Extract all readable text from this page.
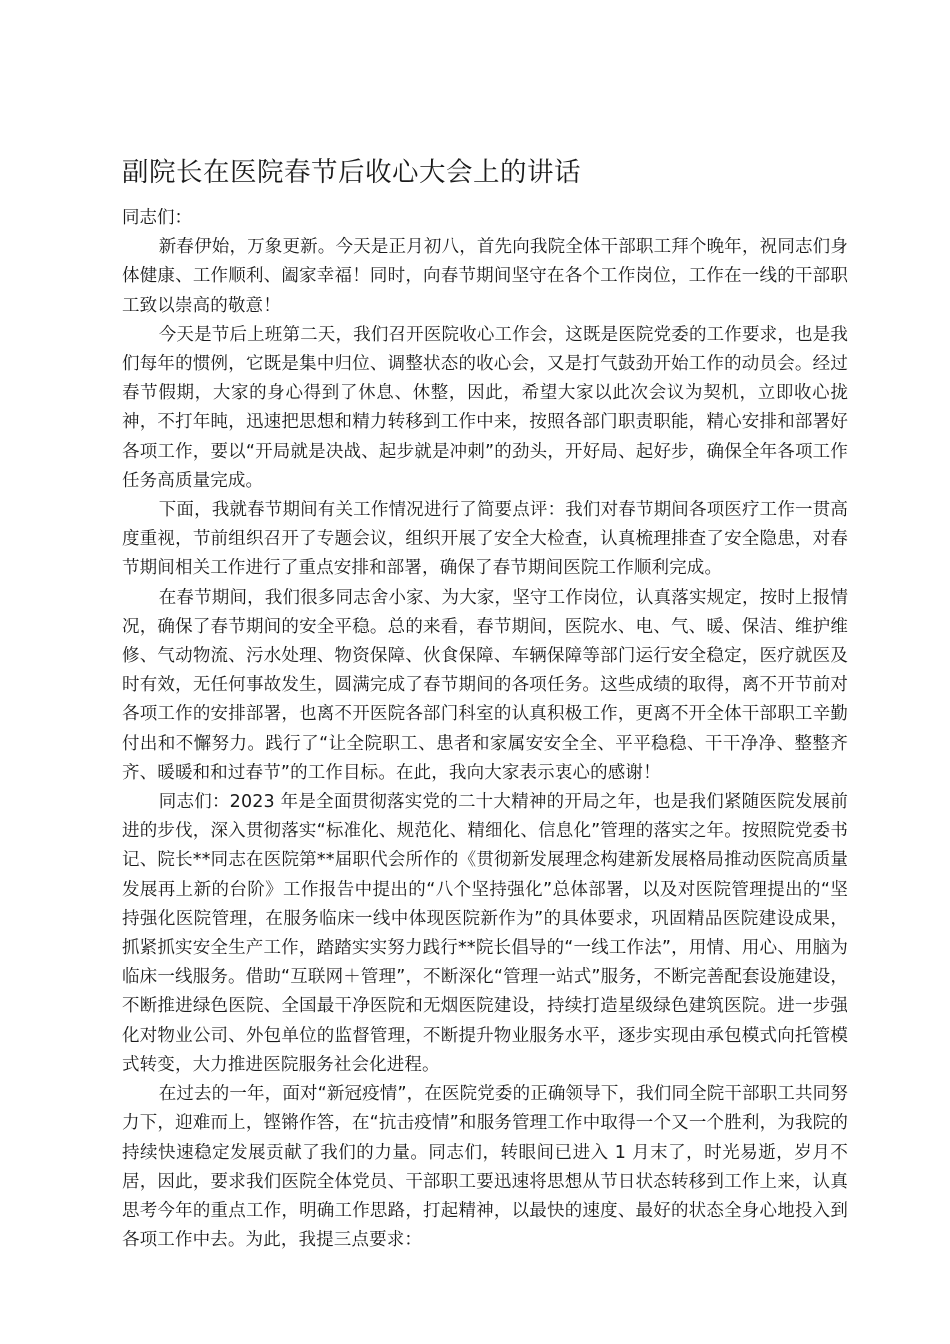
副院长在医院春节后收心大会上的讲话

同志们：

新春伊始，万象更新。今天是正月初八，首先向我院全体干部职工拜个晚年，祝同志们身体健康、工作顺利、阖家幸福！同时，向春节期间坚守在各个工作岗位，工作在一线的干部职工致以崇高的敬意！

今天是节后上班第二天，我们召开医院收心工作会，这既是医院党委的工作要求，也是我们每年的惯例，它既是集中归位、调整状态的收心会，又是打气鼓劲开始工作的动员会。经过春节假期，大家的身心得到了休息、休整，因此，希望大家以此次会议为契机，立即收心拢神，不打年盹，迅速把思想和精力转移到工作中来，按照各部门职责职能，精心安排和部署好各项工作，要以“开局就是决战、起步就是冲刺”的劲头，开好局、起好步，确保全年各项工作任务高质量完成。

下面，我就春节期间有关工作情况进行了简要点评：我们对春节期间各项医疗工作一贯高度重视，节前组织召开了专题会议，组织开展了安全大检查，认真梳理排查了安全隐患，对春节期间相关工作进行了重点安排和部署，确保了春节期间医院工作顺利完成。

在春节期间，我们很多同志舍小家、为大家，坚守工作岗位，认真落实规定，按时上报情况，确保了春节期间的安全平稳。总的来看，春节期间，医院水、电、气、暖、保洁、维护维修、气动物流、污水处理、物资保障、伙食保障、车辆保障等部门运行安全稳定，医疗就医及时有效，无任何事故发生，圆满完成了春节期间的各项任务。这些成绩的取得，离不开节前对各项工作的安排部署，也离不开医院各部门科室的认真积极工作，更离不开全体干部职工辛勤付出和不懈努力。践行了“让全院职工、患者和家属安安全全、平平稳稳、干干净净、整整齐齐、暖暖和和过春节”的工作目标。在此，我向大家表示衷心的感谢！

同志们：2023 年是全面贯彻落实党的二十大精神的开局之年，也是我们紧随医院发展前进的步伐，深入贯彻落实“标准化、规范化、精细化、信息化”管理的落实之年。按照院党委书记、院长**同志在医院第**届职代会所作的《贯彻新发展理念构建新发展格局推动医院高质量发展再上新的台阶》工作报告中提出的“八个坚持强化”总体部署，以及对医院管理提出的“坚持强化医院管理，在服务临床一线中体现医院新作为”的具体要求，巩固精品医院建设成果，抓紧抓实安全生产工作，踏踏实实努力践行**院长倡导的“一线工作法”，用情、用心、用脑为临床一线服务。借助“互联网＋管理”，不断深化“管理一站式”服务，不断完善配套设施建设，不断推进绿色医院、全国最干净医院和无烟医院建设，持续打造星级绿色建筑医院。进一步强化对物业公司、外包单位的监督管理，不断提升物业服务水平，逐步实现由承包模式向托管模式转变，大力推进医院服务社会化进程。

在过去的一年，面对“新冠疫情”，在医院党委的正确领导下，我们同全院干部职工共同努力下，迎难而上，铿锵作答，在“抗击疫情”和服务管理工作中取得一个又一个胜利，为我院的持续快速稳定发展贡献了我们的力量。同志们，转眼间已进入 1 月末了，时光易逝，岁月不居，因此，要求我们医院全体党员、干部职工要迅速将思想从节日状态转移到工作上来，认真思考今年的重点工作，明确工作思路，打起精神，以最快的速度、最好的状态全身心地投入到各项工作中去。为此，我提三点要求：
